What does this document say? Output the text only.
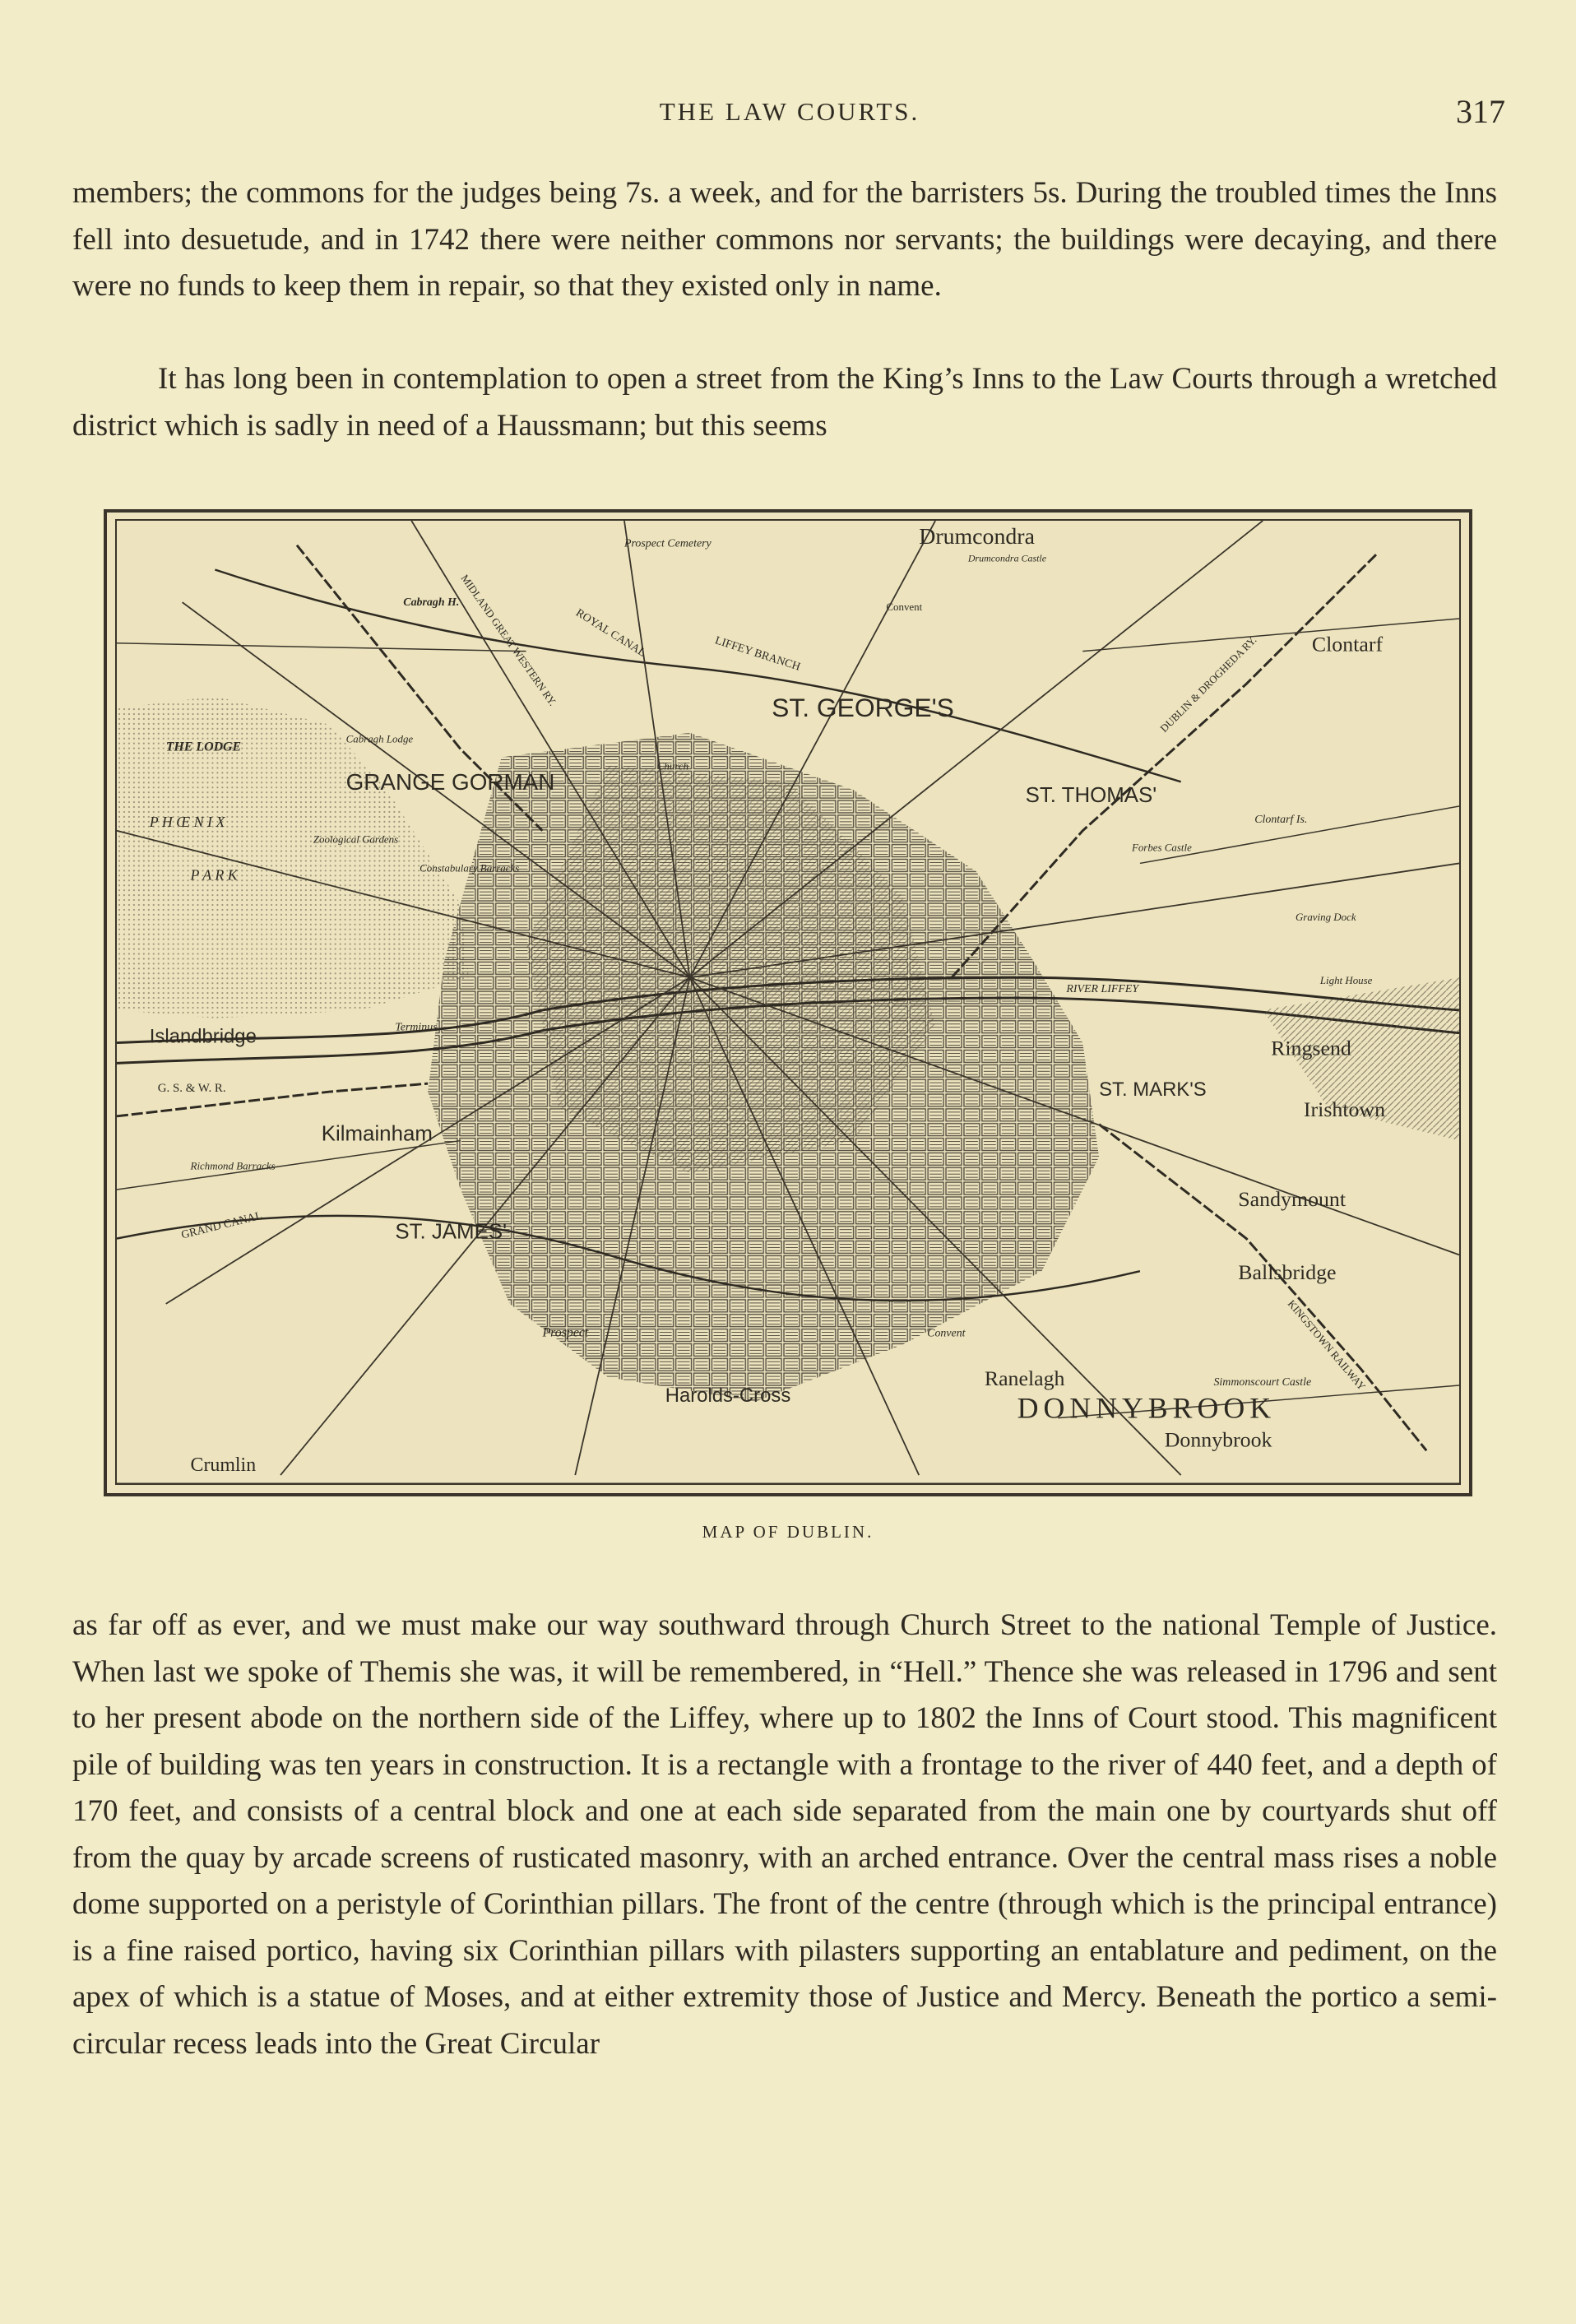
THE LAW COURTS.	317

members; the commons for the judges being 7s. a week, and for the barristers 5s. During the troubled times the Inns fell into desuetude, and in 1742 there were neither commons nor servants; the buildings were decaying, and there were no funds to keep them in repair, so that they existed only in name.

It has long been in contemplation to open a street from the King’s Inns to the Law Courts through a wretched district which is sadly in need of a Haussmann; but this seems

Drumcondra
Drumcondra Castle
Prospect Cemetery
Convent
Clontarf
Cabragh H. MIDLAND GREAT WESTERN RY. ROYAL CANAL	LIFFEY BRANCH
ST. GEORGE'S
THE LODGE
Cabragh Lodge
GRANGE GORMAN
Church
DUBLIN & DROGHEDA RY.
P H Œ N I X
P A R K
Zoological Gardens
Constabulary Barracks
ST. THOMAS'
Forbes Castle
Clontarf Is.
Graving Dock
RIVER LIFFEY
Light House
Islandbridge	Terminus
G. S. & W. R.
Ringsend
ST. MARK'S
Irishtown
Kilmainham
Richmond Barracks
GRAND CANAL	ST. JAMES'
Sandymount
Ballsbridge
Prospect	Convent	KINGSTOWN RAILWAY
Simmonscourt Castle
Harolds-Cross
Ranelagh
DONNYBROOK
Donnybrook
Crumlin
MAP OF DUBLIN.

as far off as ever, and we must make our way southward through Church Street to the national Temple of Justice. When last we spoke of Themis she was, it will be remembered, in “Hell.” Thence she was released in 1796 and sent to her present abode on the northern side of the Liffey, where up to 1802 the Inns of Court stood. This magnificent pile of building was ten years in construction. It is a rectangle with a frontage to the river of 440 feet, and a depth of 170 feet, and consists of a central block and one at each side separated from the main one by courtyards shut off from the quay by arcade screens of rusticated masonry, with an arched entrance. Over the central mass rises a noble dome supported on a peristyle of Corinthian pillars. The front of the centre (through which is the principal entrance) is a fine raised portico, having six Corinthian pillars with pilasters supporting an entablature and pediment, on the apex of which is a statue of Moses, and at either extremity those of Justice and Mercy. Beneath the portico a semi-circular recess leads into the Great Circular
